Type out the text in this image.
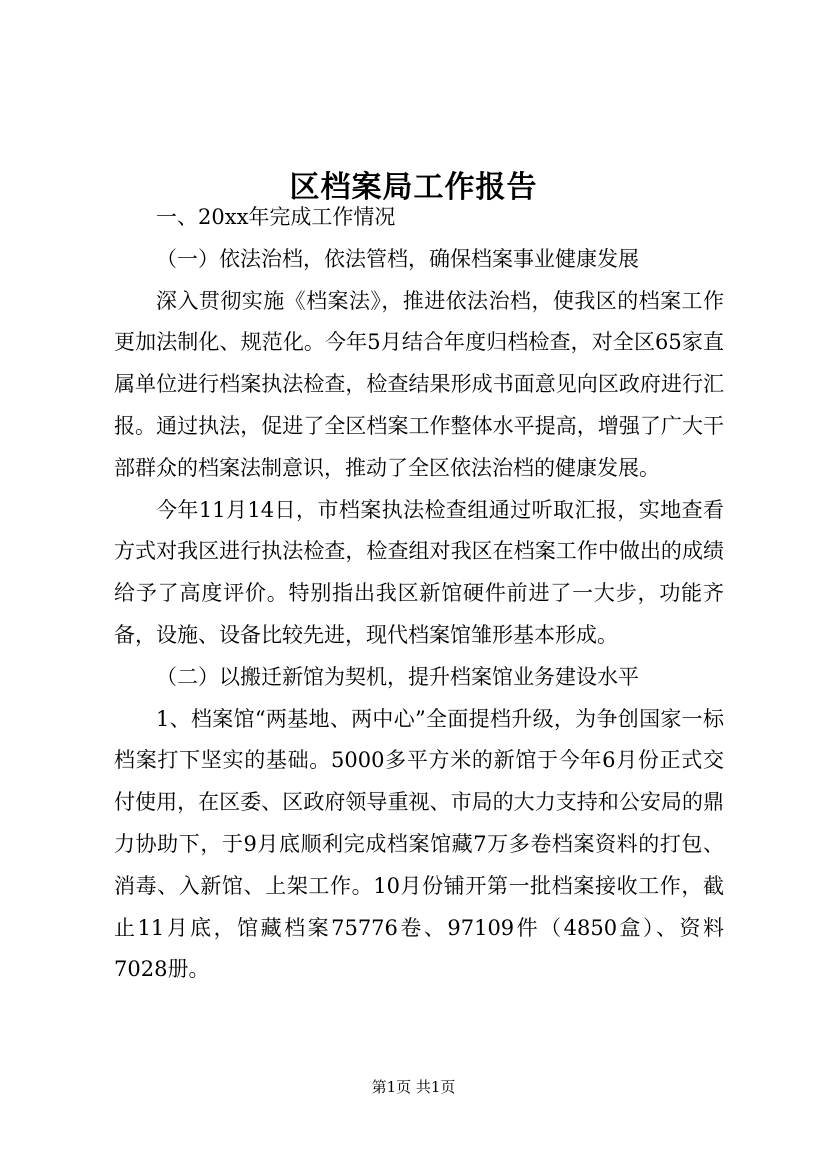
区档案局工作报告

一、20xx年完成工作情况

（一）依法治档，依法管档，确保档案事业健康发展

深入贯彻实施《档案法》，推进依法治档，使我区的档案工作更加法制化、规范化。今年5月结合年度归档检查，对全区65家直属单位进行档案执法检查，检查结果形成书面意见向区政府进行汇报。通过执法，促进了全区档案工作整体水平提高，增强了广大干部群众的档案法制意识，推动了全区依法治档的健康发展。

今年11月14日，市档案执法检查组通过听取汇报，实地查看方式对我区进行执法检查，检查组对我区在档案工作中做出的成绩给予了高度评价。特别指出我区新馆硬件前进了一大步，功能齐备，设施、设备比较先进，现代档案馆雏形基本形成。

（二）以搬迁新馆为契机，提升档案馆业务建设水平

1、档案馆“两基地、两中心”全面提档升级，为争创国家一标档案打下坚实的基础。5000多平方米的新馆于今年6月份正式交付使用，在区委、区政府领导重视、市局的大力支持和公安局的鼎力协助下，于9月底顺利完成档案馆藏7万多卷档案资料的打包、消毒、入新馆、上架工作。10月份铺开第一批档案接收工作，截止11月底，馆藏档案75776卷、97109件（4850盒）、资料7028册。

第1页 共1页
